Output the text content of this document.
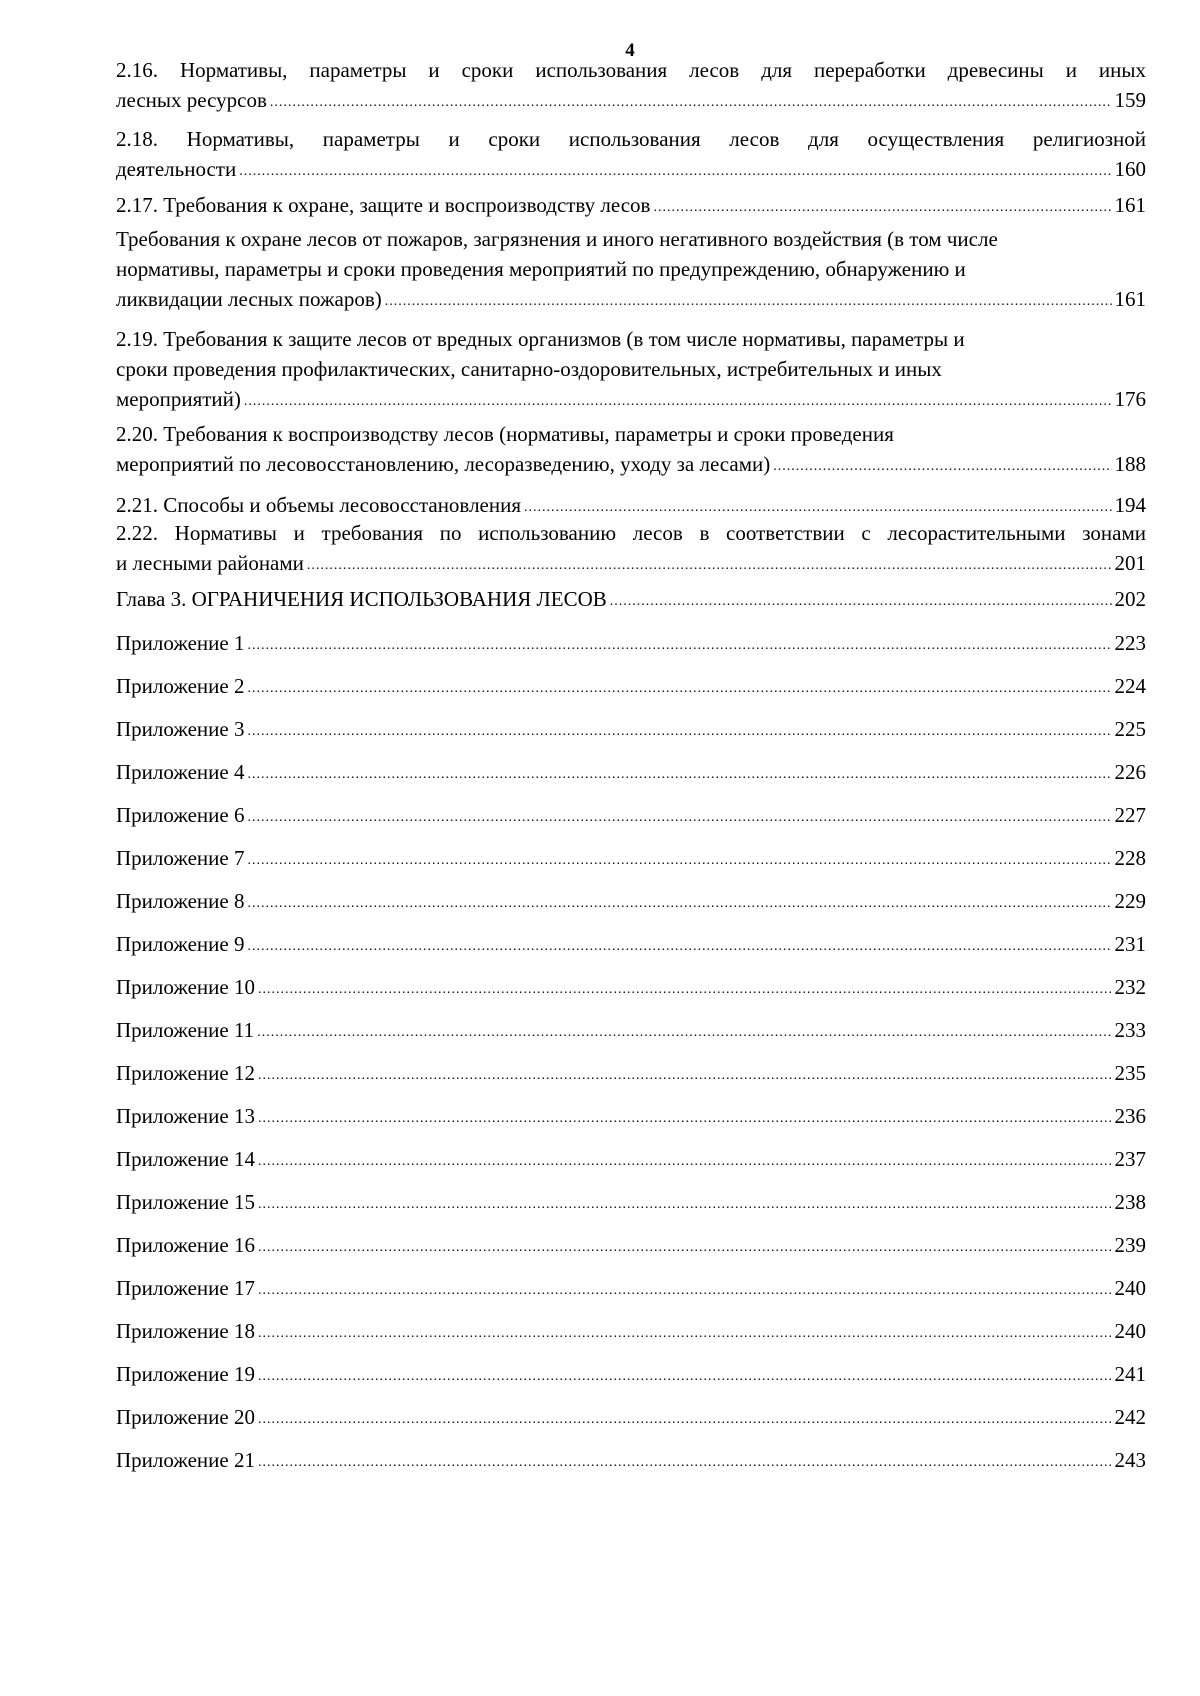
4
2.16. Нормативы, параметры и сроки использования лесов для переработки древесины и иных
лесных ресурсов .....	159
2.18. Нормативы, параметры и сроки использования лесов для осуществления религиозной
деятельности .....	160
2.17. Требования к охране, защите и воспроизводству лесов .....	161
Требования к охране лесов от пожаров, загрязнения и иного негативного воздействия (в том числе
нормативы, параметры и сроки проведения мероприятий по предупреждению, обнаружению и
ликвидации лесных пожаров) .....	161
2.19. Требования к защите лесов от вредных организмов (в том числе нормативы, параметры и
сроки проведения профилактических, санитарно-оздоровительных, истребительных и иных
мероприятий) .....	176
2.20. Требования к воспроизводству лесов (нормативы, параметры и сроки проведения
мероприятий по лесовосстановлению, лесоразведению, уходу за лесами) .....	188
2.21. Способы и объемы лесовосстановления .....	194
2.22. Нормативы и требования по использованию лесов в соответствии с лесорастительными зонами
и лесными районами .....	201
Глава 3. ОГРАНИЧЕНИЯ ИСПОЛЬЗОВАНИЯ ЛЕСОВ .....	202
Приложение 1 .....	223
Приложение 2 .....	224
Приложение 3 .....	225
Приложение 4 .....	226
Приложение 6 .....	227
Приложение 7 .....	228
Приложение 8 .....	229
Приложение 9 .....	231
Приложение 10 .....	232
Приложение 11 .....	233
Приложение 12 .....	235
Приложение 13 .....	236
Приложение 14 .....	237
Приложение 15 .....	238
Приложение 16 .....	239
Приложение 17 .....	240
Приложение 18 .....	240
Приложение 19 .....	241
Приложение 20 .....	242
Приложение 21 .....	243
